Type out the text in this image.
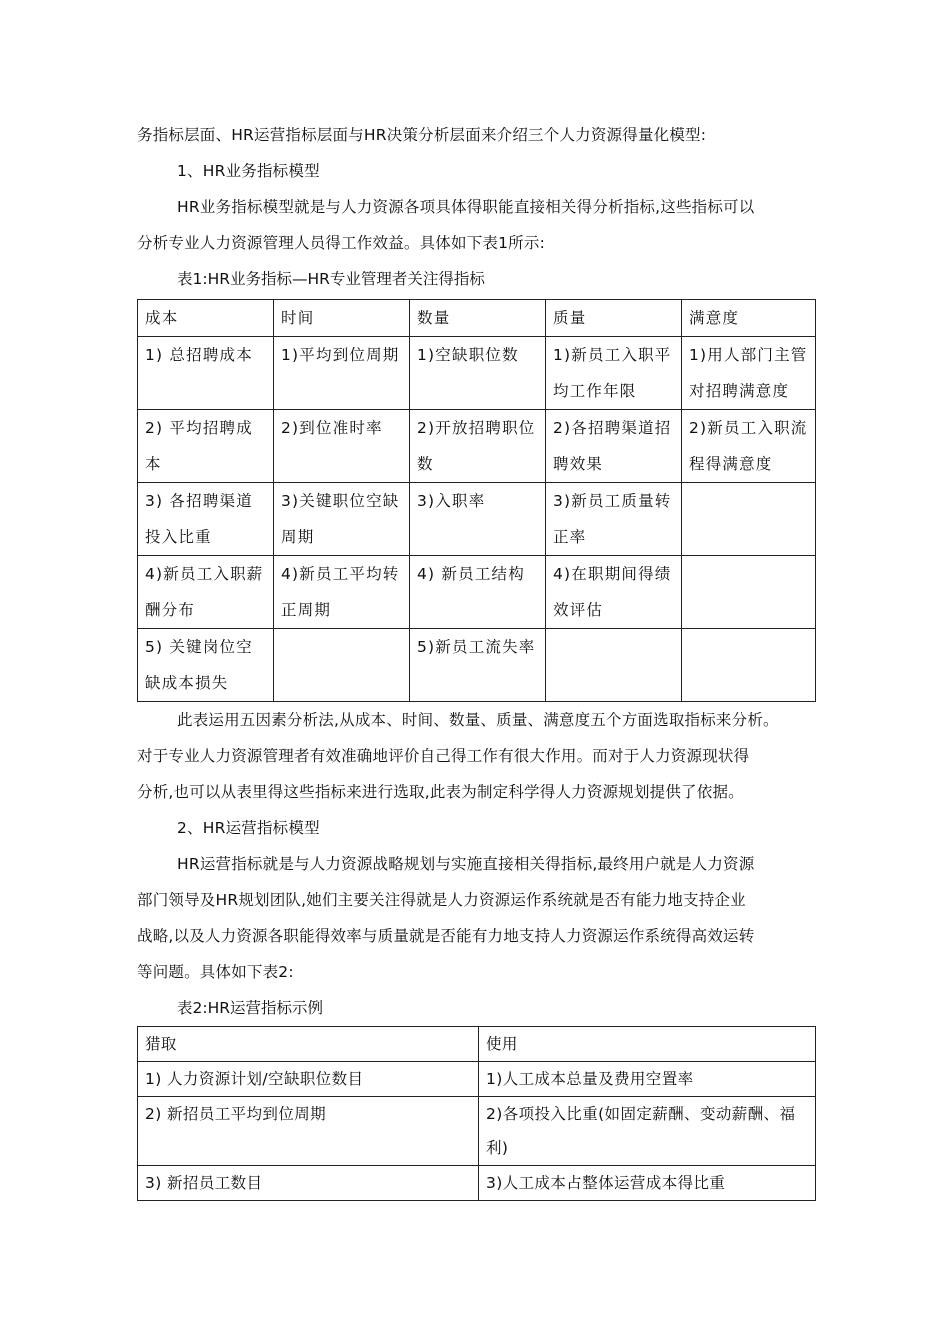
务指标层面、HR运营指标层面与HR决策分析层面来介绍三个人力资源得量化模型:

1、HR业务指标模型

HR业务指标模型就是与人力资源各项具体得职能直接相关得分析指标,这些指标可以

分析专业人力资源管理人员得工作效益。具体如下表1所示:

表1:HR业务指标—HR专业管理者关注得指标

成本	时间	数量	质量	满意度
1) 总招聘成本	1)平均到位周期	1)空缺职位数	1)新员工入职平均工作年限	1)用人部门主管对招聘满意度
2) 平均招聘成本	2)到位准时率	2)开放招聘职位数	2)各招聘渠道招聘效果	2)新员工入职流程得满意度
3) 各招聘渠道投入比重	3)关键职位空缺周期	3)入职率	3)新员工质量转正率	
4)新员工入职薪酬分布	4)新员工平均转正周期	4) 新员工结构	4)在职期间得绩效评估	
5) 关键岗位空缺成本损失		5)新员工流失率		

此表运用五因素分析法,从成本、时间、数量、质量、满意度五个方面选取指标来分析。

对于专业人力资源管理者有效准确地评价自己得工作有很大作用。而对于人力资源现状得

分析,也可以从表里得这些指标来进行选取,此表为制定科学得人力资源规划提供了依据。

2、HR运营指标模型

HR运营指标就是与人力资源战略规划与实施直接相关得指标,最终用户就是人力资源

部门领导及HR规划团队,她们主要关注得就是人力资源运作系统就是否有能力地支持企业

战略,以及人力资源各职能得效率与质量就是否能有力地支持人力资源运作系统得高效运转

等问题。具体如下表2:

表2:HR运营指标示例

猎取	使用
1) 人力资源计划/空缺职位数目	1)人工成本总量及费用空置率
2) 新招员工平均到位周期	2)各项投入比重(如固定薪酬、变动薪酬、福利)
3) 新招员工数目	3)人工成本占整体运营成本得比重
